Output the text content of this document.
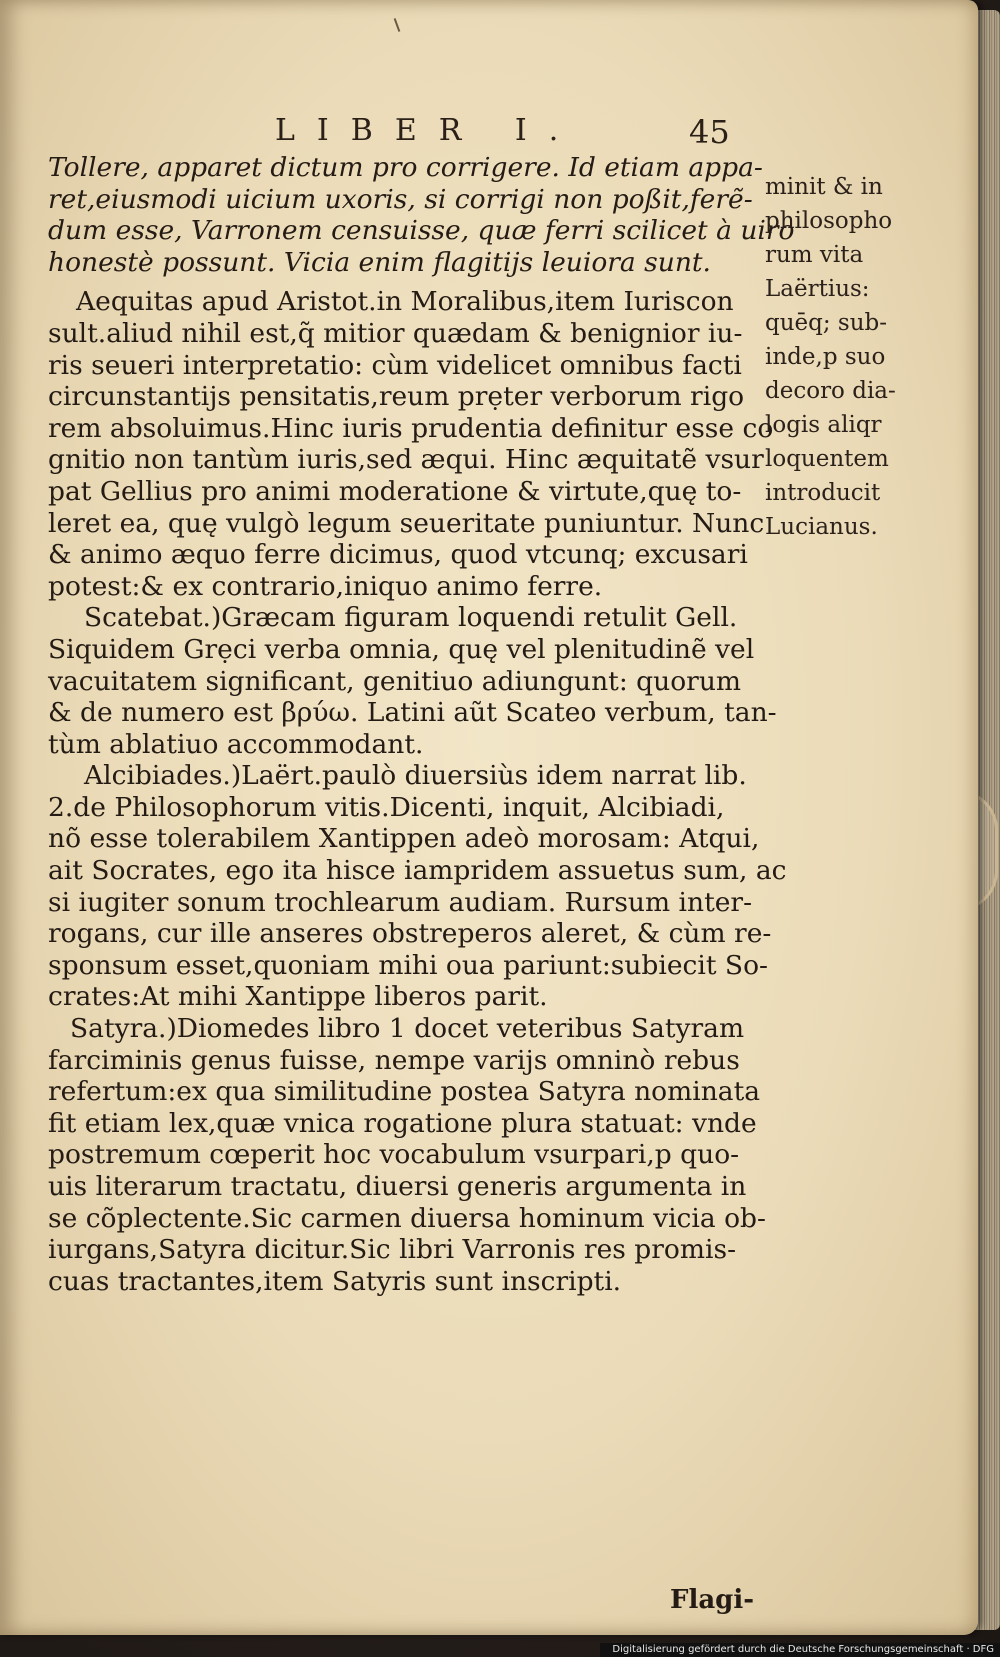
LIBER I.	45
Tollere, apparet dictum pro corrigere. Id etiam appa-
ret,eiusmodi uicium uxoris, si corrigi non poßit,ferẽ-
dum esse, Varronem censuisse, quæ ferri scilicet à uiro
honestè possunt. Vicia enim flagitijs leuiora sunt.
Aequitas apud Aristot.in Moralibus,item Iuriscon
sult.aliud nihil est,q̃ mitior quædam & benignior iu-
ris seueri interpretatio: cùm videlicet omnibus facti
circunstantijs pensitatis,reum prẹter verborum rigo
rem absoluimus.Hinc iuris prudentia definitur esse co
gnitio non tantùm iuris,sed æqui. Hinc æquitatẽ vsur
pat Gellius pro animi moderatione & virtute,quę to-
leret ea, quę vulgò legum seueritate puniuntur. Nunc
& animo æquo ferre dicimus, quod vtcunq; excusari
potest:& ex contrario,iniquo animo ferre.
Scatebat.)Græcam figuram loquendi retulit Gell.
Siquidem Grẹci verba omnia, quę vel plenitudinẽ vel
vacuitatem significant, genitiuo adiungunt: quorum
& de numero est βρύω. Latini aũt Scateo verbum, tan-
tùm ablatiuo accommodant.
Alcibiades.)Laërt.paulò diuersiùs idem narrat lib.
2.de Philosophorum vitis.Dicenti, inquit, Alcibiadi,
nõ esse tolerabilem Xantippen adeò morosam: Atqui,
ait Socrates, ego ita hisce iampridem assuetus sum, ac
si iugiter sonum trochlearum audiam. Rursum inter-
rogans, cur ille anseres obstreperos aleret, & cùm re-
sponsum esset,quoniam mihi oua pariunt:subiecit So-
crates:At mihi Xantippe liberos parit.
Satyra.)Diomedes libro 1 docet veteribus Satyram
farciminis genus fuisse, nempe varijs omninò rebus
refertum:ex qua similitudine postea Satyra nominata
fit etiam lex,quæ vnica rogatione plura statuat: vnde
postremum cœperit hoc vocabulum vsurpari,p quo-
uis literarum tractatu, diuersi generis argumenta in
se cõplectente.Sic carmen diuersa hominum vicia ob-
iurgans,Satyra dicitur.Sic libri Varronis res promis-
cuas tractantes,item Satyris sunt inscripti.
minit & in
philosopho
rum vita
Laërtius:
quēq; sub-
inde,p suo
decoro dia-
logis aliqr
loquentem
introducit
Lucianus.
Flagi-
Digitalisierung gefördert durch die Deutsche Forschungsgemeinschaft · DFG
